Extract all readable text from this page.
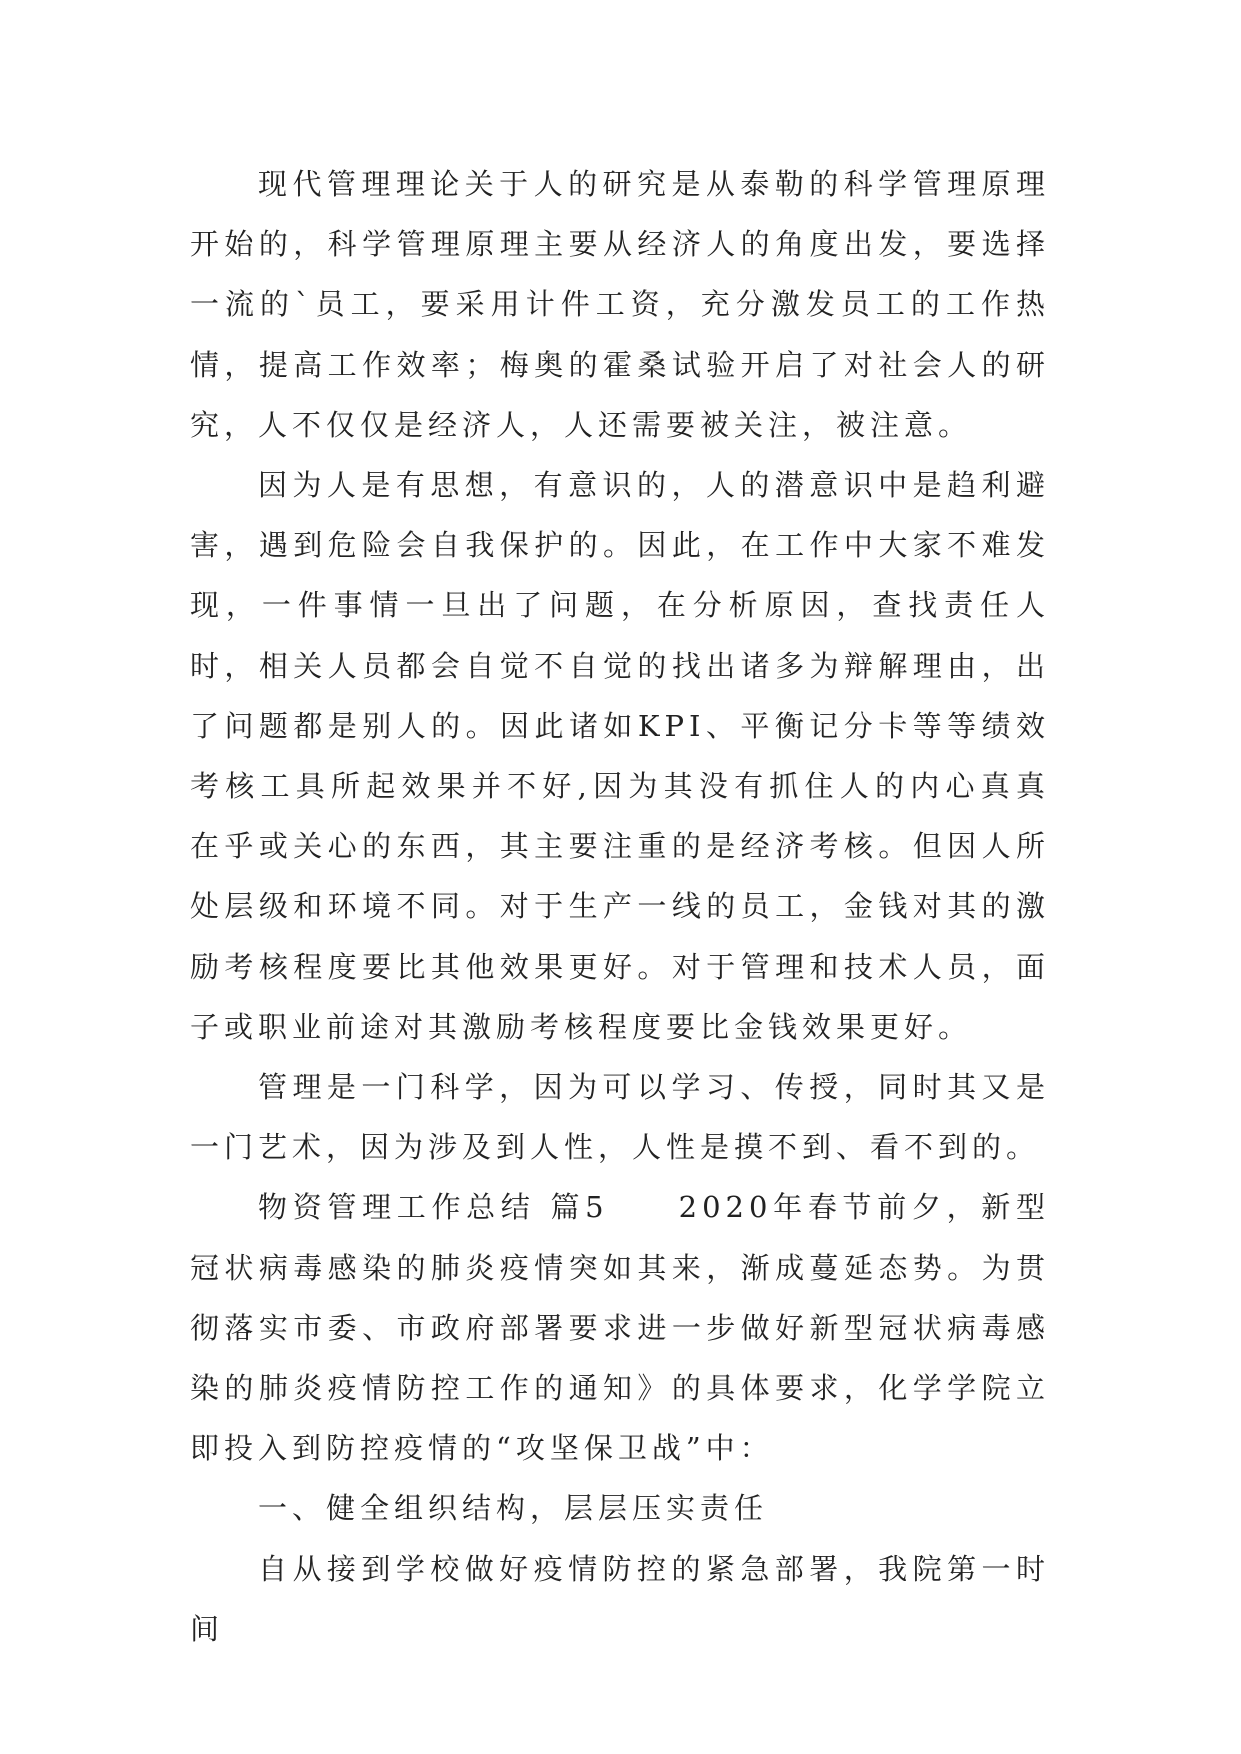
现代管理理论关于人的研究是从泰勒的科学管理原理开始的，科学管理原理主要从经济人的角度出发，要选择一流的`员工，要采用计件工资，充分激发员工的工作热情，提高工作效率；梅奥的霍桑试验开启了对社会人的研究，人不仅仅是经济人，人还需要被关注，被注意。

因为人是有思想，有意识的，人的潜意识中是趋利避害，遇到危险会自我保护的。因此，在工作中大家不难发现，一件事情一旦出了问题，在分析原因，查找责任人时，相关人员都会自觉不自觉的找出诸多为辩解理由，出了问题都是别人的。因此诸如KPI、平衡记分卡等等绩效考核工具所起效果并不好,因为其没有抓住人的内心真真在乎或关心的东西，其主要注重的是经济考核。但因人所处层级和环境不同。对于生产一线的员工，金钱对其的激励考核程度要比其他效果更好。对于管理和技术人员，面子或职业前途对其激励考核程度要比金钱效果更好。

管理是一门科学，因为可以学习、传授，同时其又是一门艺术，因为涉及到人性，人性是摸不到、看不到的。

物资管理工作总结 篇5　　2020年春节前夕，新型冠状病毒感染的肺炎疫情突如其来，渐成蔓延态势。为贯彻落实市委、市政府部署要求进一步做好新型冠状病毒感染的肺炎疫情防控工作的通知》的具体要求，化学学院立即投入到防控疫情的“攻坚保卫战”中：

一、健全组织结构，层层压实责任

自从接到学校做好疫情防控的紧急部署，我院第一时间
